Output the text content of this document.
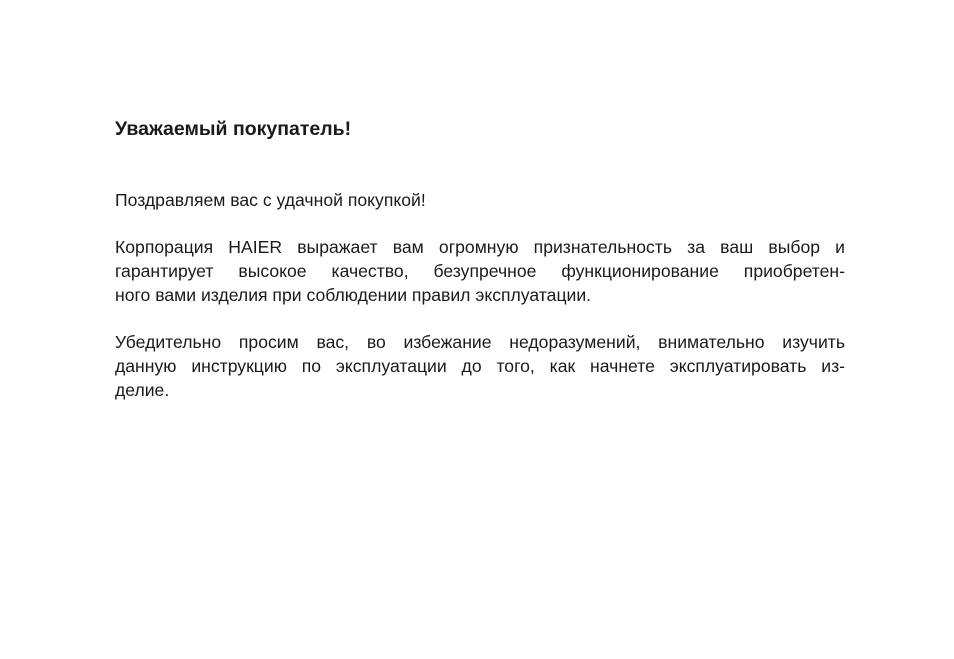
Уважаемый покупатель!

Поздравляем вас с удачной покупкой!

Корпорация HAIER выражает вам огромную признательность за ваш выбор и
гарантирует высокое качество, безупречное функционирование приобретен-
ного вами изделия при соблюдении правил эксплуатации.

Убедительно просим вас, во избежание недоразумений, внимательно изучить
данную инструкцию по эксплуатации до того, как начнете эксплуатировать из-
делие.
